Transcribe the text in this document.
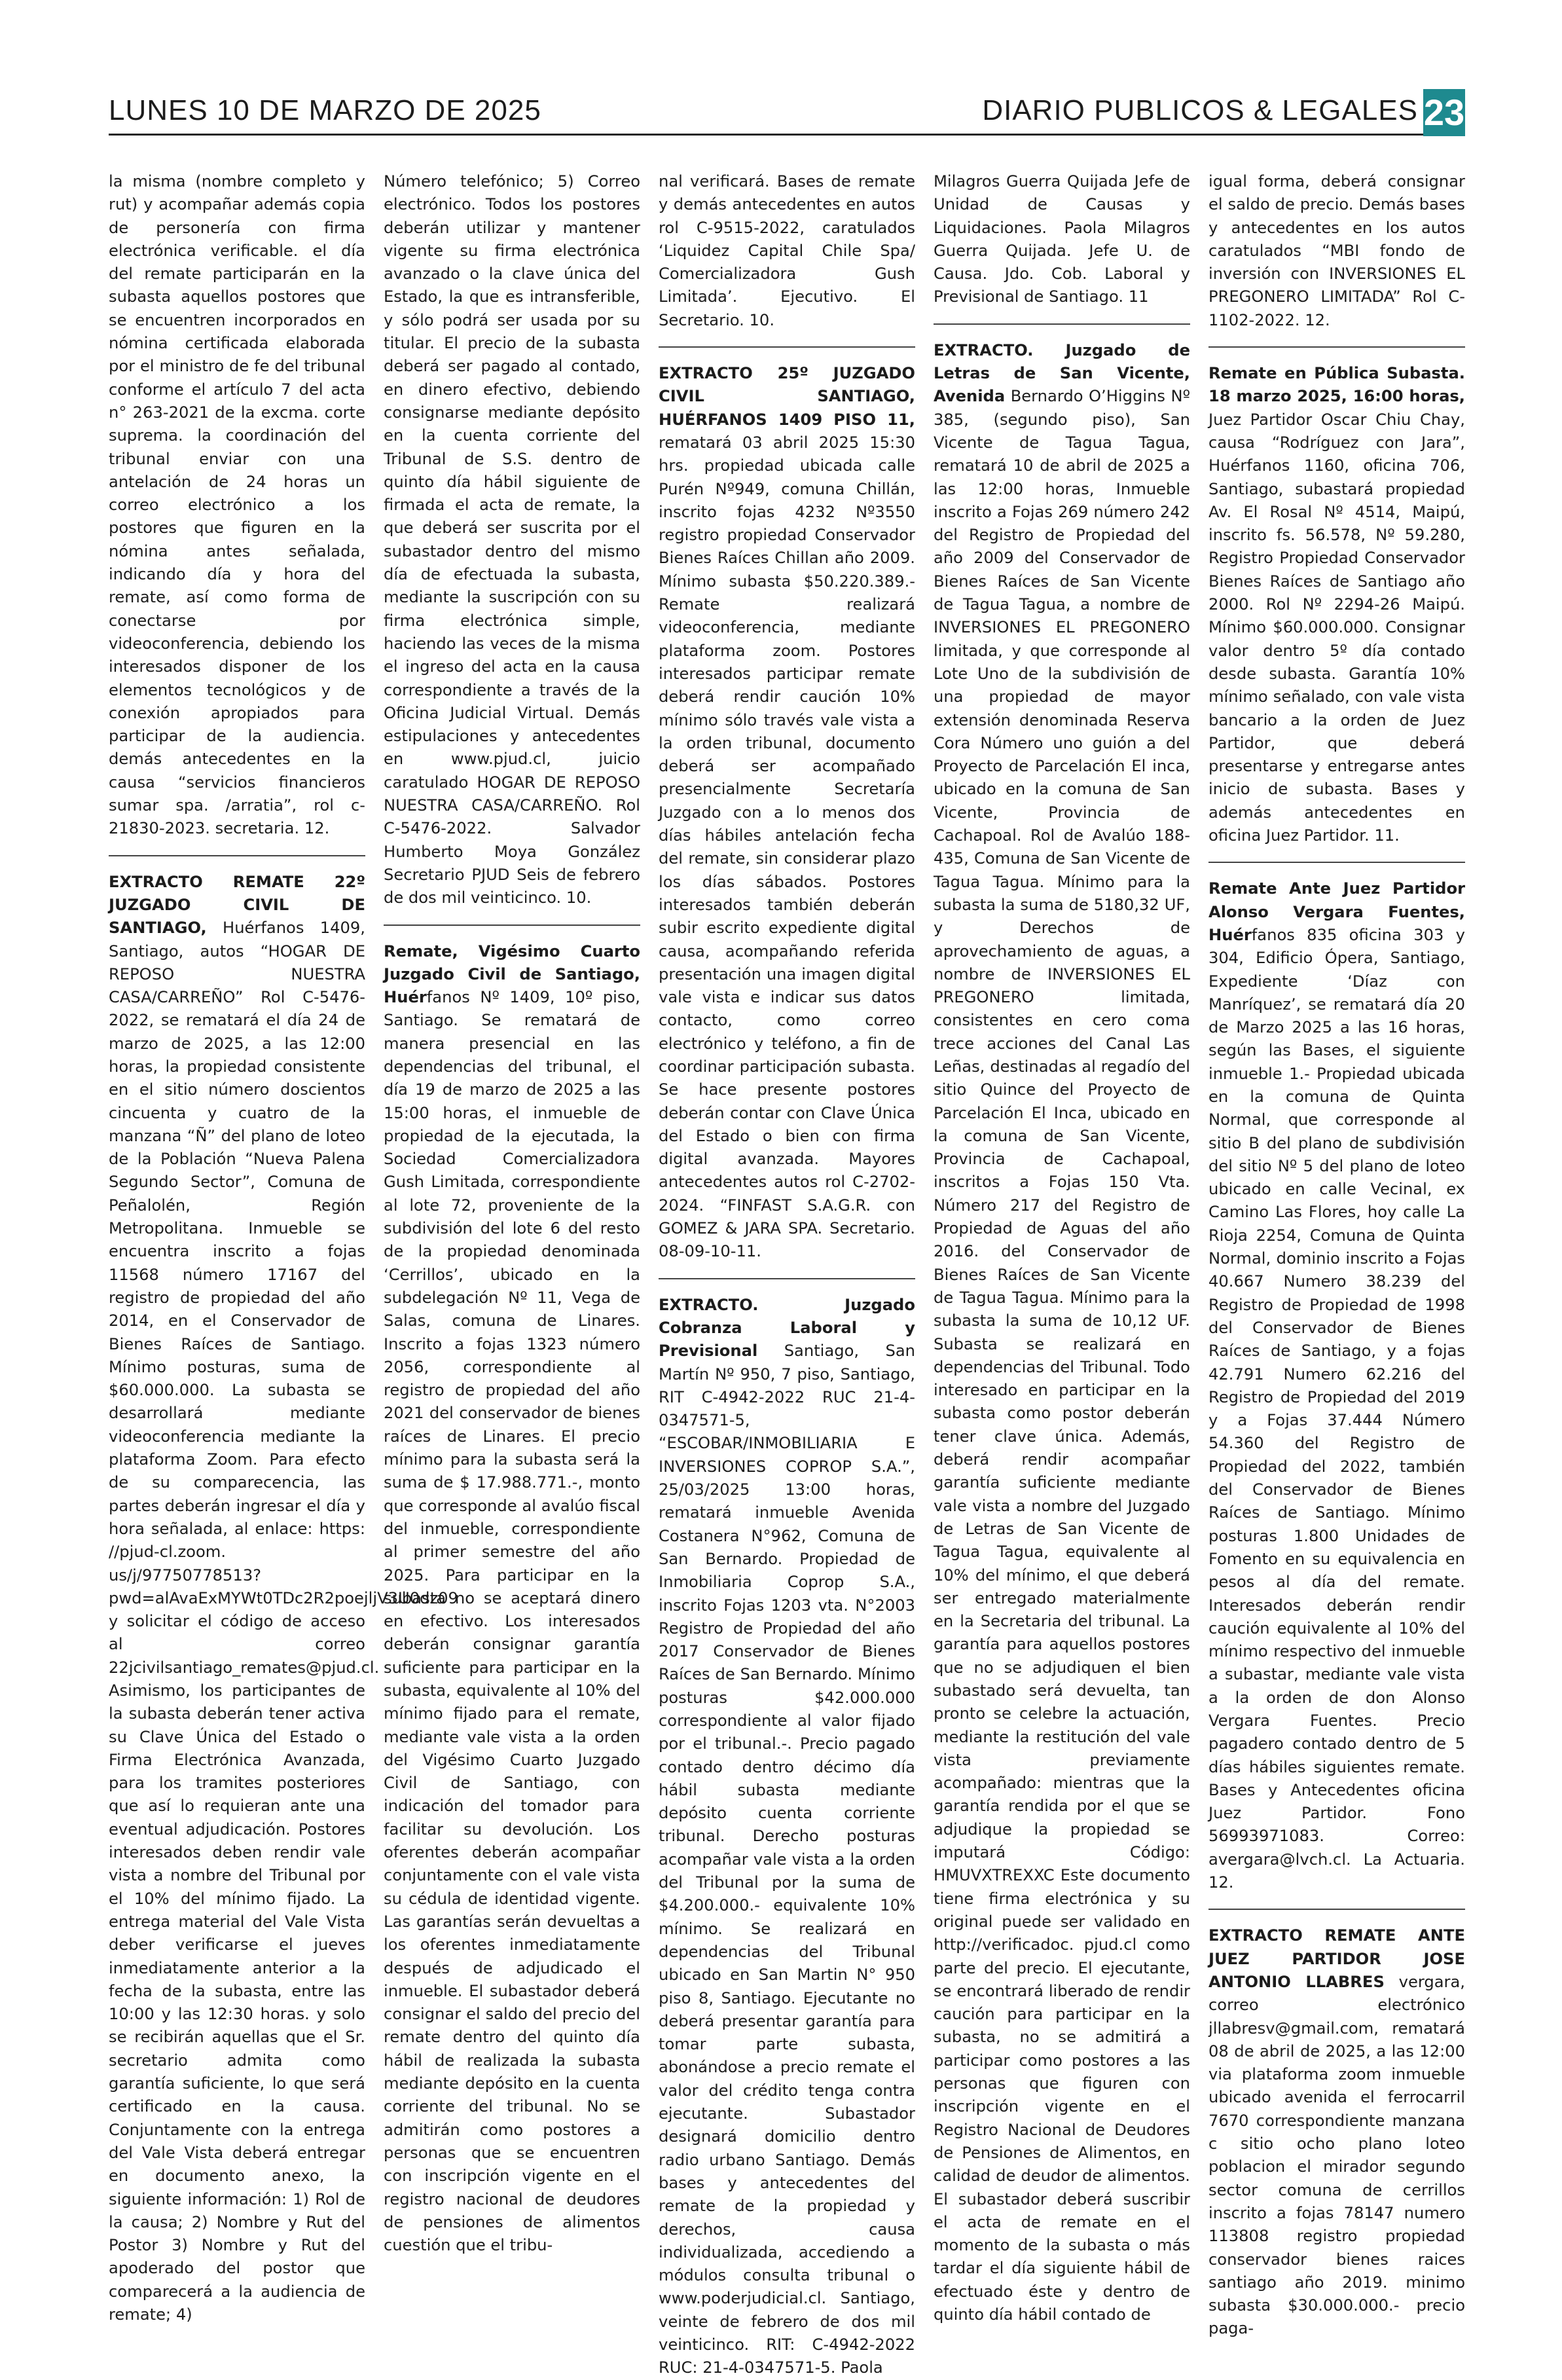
LUNES 10 DE MARZO DE 2025	DIARIO PUBLICOS & LEGALES 23

la misma (nombre completo y rut) y acompañar además copia de personería con firma electrónica verificable. el día del remate participarán en la subasta aquellos postores que se encuentren incorporados en nómina certificada elaborada por el ministro de fe del tribunal conforme el artículo 7 del acta n° 263-2021 de la excma. corte suprema. la coordinación del tribunal enviar con una antelación de 24 horas un correo electrónico a los postores que figuren en la nómina antes señalada, indicando día y hora del remate, así como forma de conectarse por videoconferencia, debiendo los interesados disponer de los elementos tecnológicos y de conexión apropiados para participar de la audiencia. demás antecedentes en la causa “servicios financieros sumar spa. /arratia”, rol c-21830-2023. secretaria. 12.

EXTRACTO REMATE 22º JUZGADO CIVIL DE SANTIAGO, Huérfanos 1409, Santiago, autos “HOGAR DE REPOSO NUESTRA CASA/CARREÑO” Rol C-5476-2022, se rematará el día 24 de marzo de 2025, a las 12:00 horas, la propiedad consistente en el sitio número doscientos cincuenta y cuatro de la manzana “Ñ” del plano de loteo de la Población “Nueva Palena Segundo Sector”, Comuna de Peñalolén, Región Metropolitana. Inmueble se encuentra inscrito a fojas 11568 número 17167 del registro de propiedad del año 2014, en el Conservador de Bienes Raíces de Santiago. Mínimo posturas, suma de $60.000.000. La subasta se desarrollará mediante videoconferencia mediante la plataforma Zoom. Para efecto de su comparecencia, las partes deberán ingresar el día y hora señalada, al enlace: https: //pjud-cl.zoom. us/j/97750778513?pwd=alAvaExMYWt0TDc2R2poejljV3U0dz09 y solicitar el código de acceso al correo 22jcivilsantiago_remates@pjud.cl. Asimismo, los participantes de la subasta deberán tener activa su Clave Única del Estado o Firma Electrónica Avanzada, para los tramites posteriores que así lo requieran ante una eventual adjudicación. Postores interesados deben rendir vale vista a nombre del Tribunal por el 10% del mínimo fijado. La entrega material del Vale Vista deber verificarse el jueves inmediatamente anterior a la fecha de la subasta, entre las 10:00 y las 12:30 horas. y solo se recibirán aquellas que el Sr. secretario admita como garantía suficiente, lo que será certificado en la causa. Conjuntamente con la entrega del Vale Vista deberá entregar en documento anexo, la siguiente información: 1) Rol de la causa; 2) Nombre y Rut del Postor 3) Nombre y Rut del apoderado del postor que comparecerá a la audiencia de remate; 4)

Número telefónico; 5) Correo electrónico. Todos los postores deberán utilizar y mantener vigente su firma electrónica avanzado o la clave única del Estado, la que es intransferible, y sólo podrá ser usada por su titular. El precio de la subasta deberá ser pagado al contado, en dinero efectivo, debiendo consignarse mediante depósito en la cuenta corriente del Tribunal de S.S. dentro de quinto día hábil siguiente de firmada el acta de remate, la que deberá ser suscrita por el subastador dentro del mismo día de efectuada la subasta, mediante la suscripción con su firma electrónica simple, haciendo las veces de la misma el ingreso del acta en la causa correspondiente a través de la Oficina Judicial Virtual. Demás estipulaciones y antecedentes en www.pjud.cl, juicio caratulado HOGAR DE REPOSO NUESTRA CASA/CARREÑO. Rol C-5476-2022. Salvador Humberto Moya González Secretario PJUD Seis de febrero de dos mil veinticinco. 10.

Remate, Vigésimo Cuarto Juzgado Civil de Santiago, Huérfanos Nº 1409, 10º piso, Santiago. Se rematará de manera presencial en las dependencias del tribunal, el día 19 de marzo de 2025 a las 15:00 horas, el inmueble de propiedad de la ejecutada, la Sociedad Comercializadora Gush Limitada, correspondiente al lote 72, proveniente de la subdivisión del lote 6 del resto de la propiedad denominada ‘Cerrillos’, ubicado en la subdelegación Nº 11, Vega de Salas, comuna de Linares. Inscrito a fojas 1323 número 2056, correspondiente al registro de propiedad del año 2021 del conservador de bienes raíces de Linares. El precio mínimo para la subasta será la suma de $ 17.988.771.-, monto que corresponde al avalúo fiscal del inmueble, correspondiente al primer semestre del año 2025. Para participar en la subasta no se aceptará dinero en efectivo. Los interesados deberán consignar garantía suficiente para participar en la subasta, equivalente al 10% del mínimo fijado para el remate, mediante vale vista a la orden del Vigésimo Cuarto Juzgado Civil de Santiago, con indicación del tomador para facilitar su devolución. Los oferentes deberán acompañar conjuntamente con el vale vista su cédula de identidad vigente. Las garantías serán devueltas a los oferentes inmediatamente después de adjudicado el inmueble. El subastador deberá consignar el saldo del precio del remate dentro del quinto día hábil de realizada la subasta mediante depósito en la cuenta corriente del tribunal. No se admitirán como postores a personas que se encuentren con inscripción vigente en el registro nacional de deudores de pensiones de alimentos cuestión que el tribu-

nal verificará. Bases de remate y demás antecedentes en autos rol C-9515-2022, caratulados ‘Liquidez Capital Chile Spa/ Comercializadora Gush Limitada’. Ejecutivo. El Secretario. 10.

EXTRACTO 25º JUZGADO CIVIL SANTIAGO, HUÉRFANOS 1409 PISO 11, rematará 03 abril 2025 15:30 hrs. propiedad ubicada calle Purén Nº949, comuna Chillán, inscrito fojas 4232 Nº3550 registro propiedad Conservador Bienes Raíces Chillan año 2009. Mínimo subasta $50.220.389.- Remate realizará videoconferencia, mediante plataforma zoom. Postores interesados participar remate deberá rendir caución 10% mínimo sólo través vale vista a la orden tribunal, documento deberá ser acompañado presencialmente Secretaría Juzgado con a lo menos dos días hábiles antelación fecha del remate, sin considerar plazo los días sábados. Postores interesados también deberán subir escrito expediente digital causa, acompañando referida presentación una imagen digital vale vista e indicar sus datos contacto, como correo electrónico y teléfono, a fin de coordinar participación subasta. Se hace presente postores deberán contar con Clave Única del Estado o bien con firma digital avanzada. Mayores antecedentes autos rol C-2702-2024. “FINFAST S.A.G.R. con GOMEZ & JARA SPA. Secretario. 08-09-10-11.

EXTRACTO. Juzgado Cobranza Laboral y Previsional Santiago, San Martín Nº 950, 7 piso, Santiago, RIT C-4942-2022 RUC 21-4-0347571-5, “ESCOBAR/INMOBILIARIA E INVERSIONES COPROP S.A.”, 25/03/2025 13:00 horas, rematará inmueble Avenida Costanera N°962, Comuna de San Bernardo. Propiedad de Inmobiliaria Coprop S.A., inscrito Fojas 1203 vta. N°2003 Registro de Propiedad del año 2017 Conservador de Bienes Raíces de San Bernardo. Mínimo posturas $42.000.000 correspondiente al valor fijado por el tribunal.-. Precio pagado contado dentro décimo día hábil subasta mediante depósito cuenta corriente tribunal. Derecho posturas acompañar vale vista a la orden del Tribunal por la suma de $4.200.000.- equivalente 10% mínimo. Se realizará en dependencias del Tribunal ubicado en San Martin N° 950 piso 8, Santiago. Ejecutante no deberá presentar garantía para tomar parte subasta, abonándose a precio remate el valor del crédito tenga contra ejecutante. Subastador designará domicilio dentro radio urbano Santiago. Demás bases y antecedentes del remate de la propiedad y derechos, causa individualizada, accediendo a módulos consulta tribunal o www.poderjudicial.cl. Santiago, veinte de febrero de dos mil veinticinco. RIT: C-4942-2022 RUC: 21-4-0347571-5. Paola

Milagros Guerra Quijada Jefe de Unidad de Causas y Liquidaciones. Paola Milagros Guerra Quijada. Jefe U. de Causa. Jdo. Cob. Laboral y Previsional de Santiago. 11

EXTRACTO. Juzgado de Letras de San Vicente, Avenida Bernardo O’Higgins Nº 385, (segundo piso), San Vicente de Tagua Tagua, rematará 10 de abril de 2025 a las 12:00 horas, Inmueble inscrito a Fojas 269 número 242 del Registro de Propiedad del año 2009 del Conservador de Bienes Raíces de San Vicente de Tagua Tagua, a nombre de INVERSIONES EL PREGONERO limitada, y que corresponde al Lote Uno de la subdivisión de una propiedad de mayor extensión denominada Reserva Cora Número uno guión a del Proyecto de Parcelación El inca, ubicado en la comuna de San Vicente, Provincia de Cachapoal. Rol de Avalúo 188-435, Comuna de San Vicente de Tagua Tagua. Mínimo para la subasta la suma de 5180,32 UF, y Derechos de aprovechamiento de aguas, a nombre de INVERSIONES EL PREGONERO limitada, consistentes en cero coma trece acciones del Canal Las Leñas, destinadas al regadío del sitio Quince del Proyecto de Parcelación El Inca, ubicado en la comuna de San Vicente, Provincia de Cachapoal, inscritos a Fojas 150 Vta. Número 217 del Registro de Propiedad de Aguas del año 2016. del Conservador de Bienes Raíces de San Vicente de Tagua Tagua. Mínimo para la subasta la suma de 10,12 UF. Subasta se realizará en dependencias del Tribunal. Todo interesado en participar en la subasta como postor deberán tener clave única. Además, deberá rendir acompañar garantía suficiente mediante vale vista a nombre del Juzgado de Letras de San Vicente de Tagua Tagua, equivalente al 10% del mínimo, el que deberá ser entregado materialmente en la Secretaria del tribunal. La garantía para aquellos postores que no se adjudiquen el bien subastado será devuelta, tan pronto se celebre la actuación, mediante la restitución del vale vista previamente acompañado: mientras que la garantía rendida por el que se adjudique la propiedad se imputará Código: HMUVXTREXXC Este documento tiene firma electrónica y su original puede ser validado en http://verificadoc. pjud.cl como parte del precio. El ejecutante, se encontrará liberado de rendir caución para participar en la subasta, no se admitirá a participar como postores a las personas que figuren con inscripción vigente en el Registro Nacional de Deudores de Pensiones de Alimentos, en calidad de deudor de alimentos. El subastador deberá suscribir el acta de remate en el momento de la subasta o más tardar el día siguiente hábil de efectuado éste y dentro de quinto día hábil contado de

igual forma, deberá consignar el saldo de precio. Demás bases y antecedentes en los autos caratulados “MBI fondo de inversión con INVERSIONES EL PREGONERO LIMITADA” Rol C-1102-2022. 12.

Remate en Pública Subasta. 18 marzo 2025, 16:00 horas, Juez Partidor Oscar Chiu Chay, causa “Rodríguez con Jara”, Huérfanos 1160, oficina 706, Santiago, subastará propiedad Av. El Rosal Nº 4514, Maipú, inscrito fs. 56.578, Nº 59.280, Registro Propiedad Conservador Bienes Raíces de Santiago año 2000. Rol Nº 2294-26 Maipú. Mínimo $60.000.000. Consignar valor dentro 5º día contado desde subasta. Garantía 10% mínimo señalado, con vale vista bancario a la orden de Juez Partidor, que deberá presentarse y entregarse antes inicio de subasta. Bases y además antecedentes en oficina Juez Partidor. 11.

Remate Ante Juez Partidor Alonso Vergara Fuentes, Huérfanos 835 oficina 303 y 304, Edificio Ópera, Santiago, Expediente ‘Díaz con Manríquez’, se rematará día 20 de Marzo 2025 a las 16 horas, según las Bases, el siguiente inmueble 1.- Propiedad ubicada en la comuna de Quinta Normal, que corresponde al sitio B del plano de subdivisión del sitio Nº 5 del plano de loteo ubicado en calle Vecinal, ex Camino Las Flores, hoy calle La Rioja 2254, Comuna de Quinta Normal, dominio inscrito a Fojas 40.667 Numero 38.239 del Registro de Propiedad de 1998 del Conservador de Bienes Raíces de Santiago, y a fojas 42.791 Numero 62.216 del Registro de Propiedad del 2019 y a Fojas 37.444 Número 54.360 del Registro de Propiedad del 2022, también del Conservador de Bienes Raíces de Santiago. Mínimo posturas 1.800 Unidades de Fomento en su equivalencia en pesos al día del remate. Interesados deberán rendir caución equivalente al 10% del mínimo respectivo del inmueble a subastar, mediante vale vista a la orden de don Alonso Vergara Fuentes. Precio pagadero contado dentro de 5 días hábiles siguientes remate. Bases y Antecedentes oficina Juez Partidor. Fono 56993971083. Correo: avergara@lvch.cl. La Actuaria. 12.

EXTRACTO REMATE ANTE JUEZ PARTIDOR JOSE ANTONIO LLABRES vergara, correo electrónico jllabresv@gmail.com, rematará 08 de abril de 2025, a las 12:00 via plataforma zoom inmueble ubicado avenida el ferrocarril 7670 correspondiente manzana c sitio ocho plano loteo poblacion el mirador segundo sector comuna de cerrillos inscrito a fojas 78147 numero 113808 registro propiedad conservador bienes raices santiago año 2019. minimo subasta $30.000.000.- precio paga-
